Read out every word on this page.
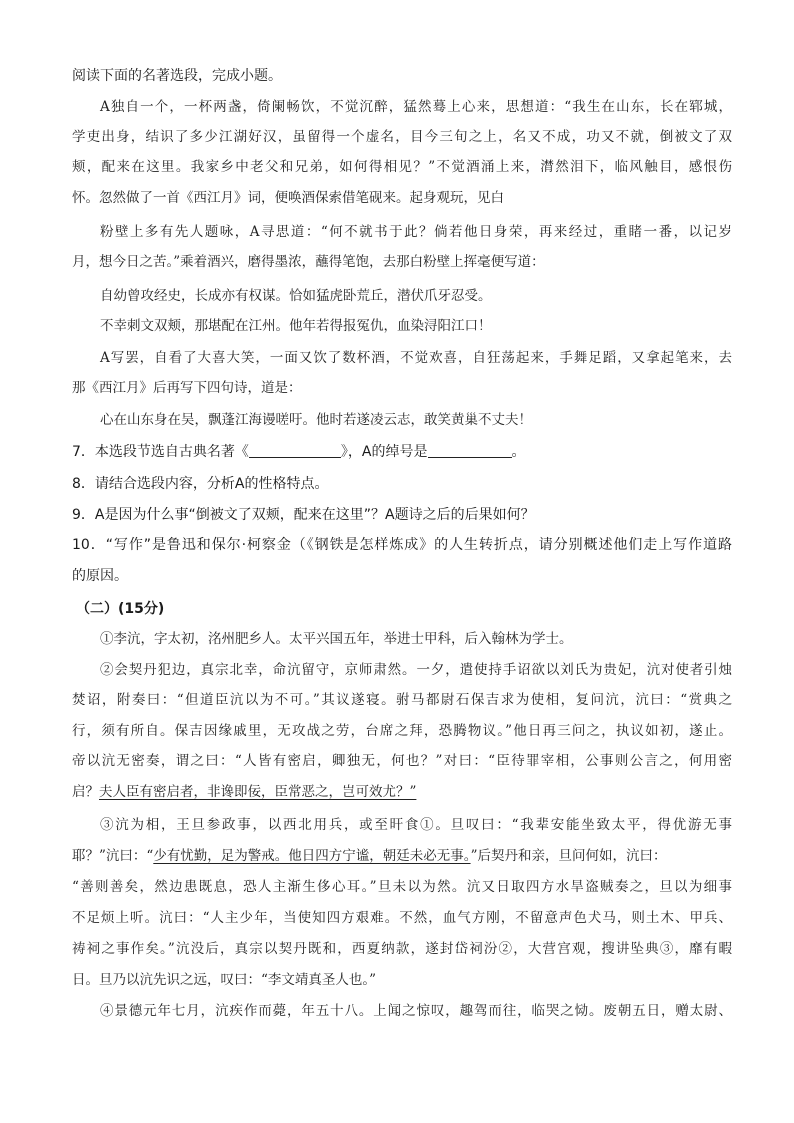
阅读下面的名著选段，完成小题。
A独自一个，一杯两盏，倚阑畅饮，不觉沉醉，猛然蓦上心来，思想道：“我生在山东，长在郓城，
学吏出身，结识了多少江湖好汉，虽留得一个虚名，目今三旬之上，名又不成，功又不就，倒被文了双
颊，配来在这里。我家乡中老父和兄弟，如何得相见？”不觉酒涌上来，潸然泪下，临风触目，感恨伤
怀。忽然做了一首《西江月》词，便唤酒保索借笔砚来。起身观玩，见白
粉壁上多有先人题咏，A寻思道：“何不就书于此？倘若他日身荣，再来经过，重睹一番，以记岁
月，想今日之苦。”乘着酒兴，磨得墨浓，蘸得笔饱，去那白粉壁上挥毫便写道：
自幼曾攻经史，长成亦有权谋。恰如猛虎卧荒丘，潜伏爪牙忍受。
不幸刺文双颊，那堪配在江州。他年若得报冤仇，血染浔阳江口！
A写罢，自看了大喜大笑，一面又饮了数杯酒，不觉欢喜，自狂荡起来，手舞足蹈，又拿起笔来，去
那《西江月》后再写下四句诗，道是：
心在山东身在吴，飘蓬江海谩嗟吁。他时若遂凌云志，敢笑黄巢不丈夫！
7．本选段节选自古典名著《	》，A的绰号是	。
8．请结合选段内容，分析A的性格特点。
9．A是因为什么事“倒被文了双颊，配来在这里”？A题诗之后的后果如何？
10．“写作”是鲁迅和保尔·柯察金（《钢铁是怎样炼成》的人生转折点，请分别概述他们走上写作道路
的原因。
（二）(15分)
①李沆，字太初，洺州肥乡人。太平兴国五年，举进士甲科，后入翰林为学士。
②会契丹犯边，真宗北幸，命沆留守，京师肃然。一夕，遣使持手诏欲以刘氏为贵妃，沆对使者引烛
焚诏，附奏曰：“但道臣沆以为不可。”其议遂寝。驸马都尉石保吉求为使相，复问沆，沆曰：“赏典之
行，须有所自。保吉因缘戚里，无攻战之劳，台席之拜，恐腾物议。”他日再三问之，执议如初，遂止。
帝以沆无密奏，谓之曰：“人皆有密启，卿独无，何也？”对曰：“臣待罪宰相，公事则公言之，何用密
启？夫人臣有密启者，非谗即佞，臣常恶之，岂可效尤？”
③沆为相，王旦参政事，以西北用兵，或至旰食①。旦叹曰：“我辈安能坐致太平，得优游无事
耶？”沆曰：“少有忧勤，足为警戒。他日四方宁谧，朝廷未必无事。”后契丹和亲，旦问何如，沆曰：
“善则善矣，然边患既息，恐人主渐生侈心耳。”旦未以为然。沆又日取四方水旱盗贼奏之，旦以为细事
不足烦上听。沆曰：“人主少年，当使知四方艰难。不然，血气方刚，不留意声色犬马，则土木、甲兵、
祷祠之事作矣。”沆没后，真宗以契丹既和，西夏纳款，遂封岱祠汾②，大营宫观，搜讲坠典③，靡有暇
日。旦乃以沆先识之远，叹曰：“李文靖真圣人也。”
④景德元年七月，沆疾作而薨，年五十八。上闻之惊叹，趣驾而往，临哭之恸。废朝五日，赠太尉、
